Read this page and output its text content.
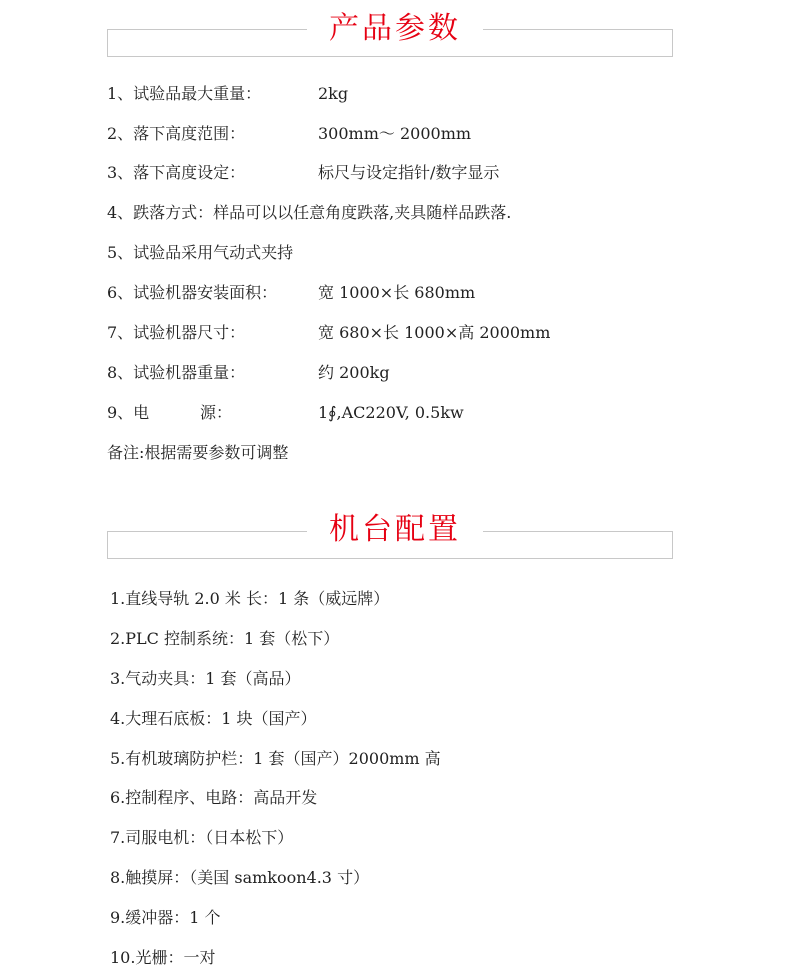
产品参数
1、试验品最大重量：	2kg
2、落下高度范围：	300mm～ 2000mm
3、落下高度设定：	标尺与设定指针/数字显示
4、跌落方式：样品可以以任意角度跌落,夹具随样品跌落.
5、试验品采用气动式夹持
6、试验机器安装面积：	宽 1000×长 680mm
7、试验机器尺寸：	宽 680×长 1000×高 2000mm
8、试验机器重量：	约 200kg
9、电          源：	1∮,AC220V, 0.5kw
备注:根据需要参数可调整
机台配置
1.直线导轨 2.0 米 长：1 条（威远牌）
2.PLC 控制系统：1 套（松下）
3.气动夹具：1 套（高品）
4.大理石底板：1 块（国产）
5.有机玻璃防护栏：1 套（国产）2000mm 高
6.控制程序、电路：高品开发
7.司服电机：（日本松下）
8.触摸屏：（美国 samkoon4.3 寸）
9.缓冲器：1 个
10.光栅：一对
